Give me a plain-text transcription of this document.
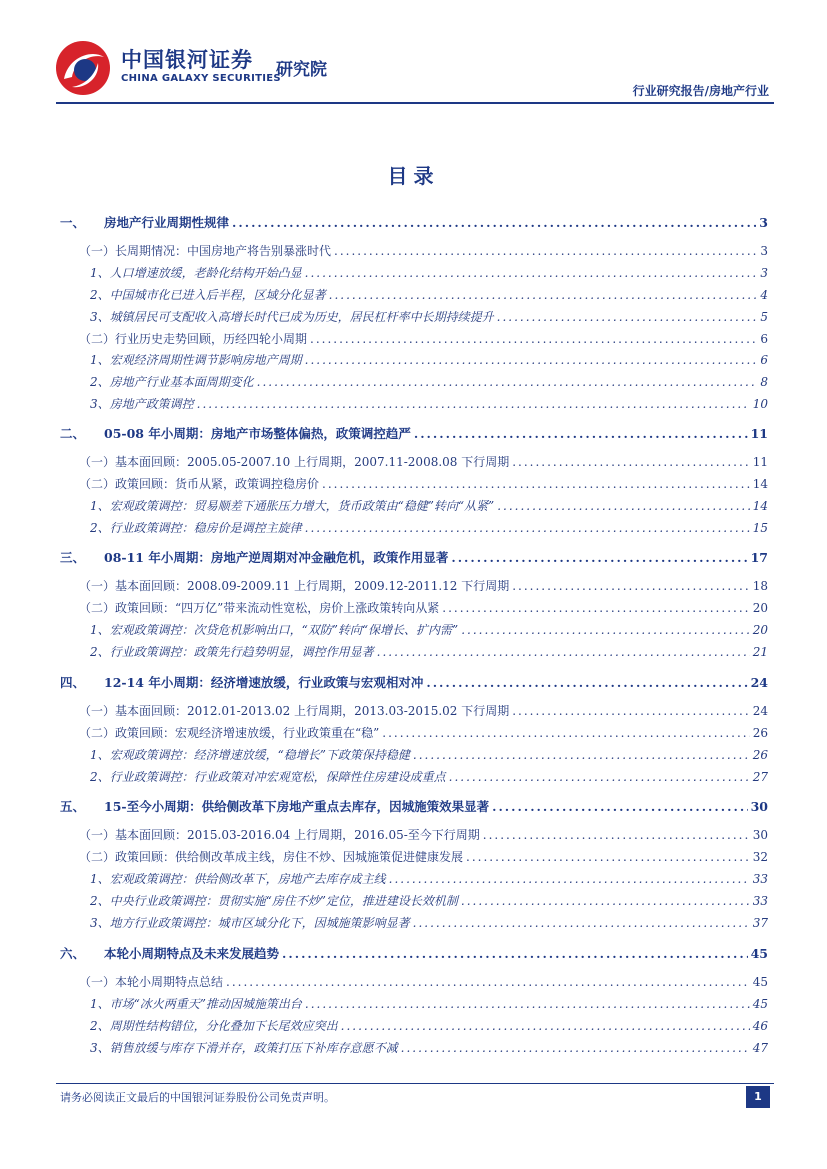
中国银河证券
CHINA GALAXY SECURITIES
研究院
行业研究报告/房地产行业
目录
一、 房地产行业周期性规律 .....	3
（一）长周期情况：中国房地产将告别暴涨时代 .....	3
1、人口增速放缓，老龄化结构开始凸显 .....	3
2、中国城市化已进入后半程，区域分化显著 .....	4
3、城镇居民可支配收入高增长时代已成为历史，居民杠杆率中长期持续提升 .....	5
（二）行业历史走势回顾，历经四轮小周期 .....	6
1、宏观经济周期性调节影响房地产周期 .....	6
2、房地产行业基本面周期变化 .....	8
3、房地产政策调控 .....	10
二、 05-08 年小周期：房地产市场整体偏热，政策调控趋严 .....	11
（一）基本面回顾：2005.05-2007.10 上行周期，2007.11-2008.08 下行周期 .....	11
（二）政策回顾：货币从紧，政策调控稳房价 .....	14
1、宏观政策调控：贸易顺差下通胀压力增大，货币政策由“稳健”转向“从紧” .....	14
2、行业政策调控：稳房价是调控主旋律 .....	15
三、 08-11 年小周期：房地产逆周期对冲金融危机，政策作用显著 .....	17
（一）基本面回顾：2008.09-2009.11 上行周期，2009.12-2011.12 下行周期 .....	18
（二）政策回顾：“四万亿”带来流动性宽松，房价上涨政策转向从紧 .....	20
1、宏观政策调控：次贷危机影响出口，“双防”转向“保增长、扩内需” .....	20
2、行业政策调控：政策先行趋势明显，调控作用显著 .....	21
四、 12-14 年小周期：经济增速放缓，行业政策与宏观相对冲 .....	24
（一）基本面回顾：2012.01-2013.02 上行周期，2013.03-2015.02 下行周期 .....	24
（二）政策回顾：宏观经济增速放缓，行业政策重在“稳” .....	26
1、宏观政策调控：经济增速放缓，“稳增长”下政策保持稳健 .....	26
2、行业政策调控：行业政策对冲宏观宽松，保障性住房建设成重点 .....	27
五、 15-至今小周期：供给侧改革下房地产重点去库存，因城施策效果显著 .....	30
（一）基本面回顾：2015.03-2016.04 上行周期，2016.05-至今下行周期 .....	30
（二）政策回顾：供给侧改革成主线，房住不炒、因城施策促进健康发展 .....	32
1、宏观政策调控：供给侧改革下，房地产去库存成主线 .....	33
2、中央行业政策调控：贯彻实施“房住不炒”定位，推进建设长效机制 .....	33
3、地方行业政策调控：城市区域分化下，因城施策影响显著 .....	37
六、 本轮小周期特点及未来发展趋势 .....	45
（一）本轮小周期特点总结 .....	45
1、市场“冰火两重天”推动因城施策出台 .....	45
2、周期性结构错位，分化叠加下长尾效应突出 .....	46
3、销售放缓与库存下滑并存，政策打压下补库存意愿不减 .....	47
请务必阅读正文最后的中国银河证券股份公司免责声明。	1
